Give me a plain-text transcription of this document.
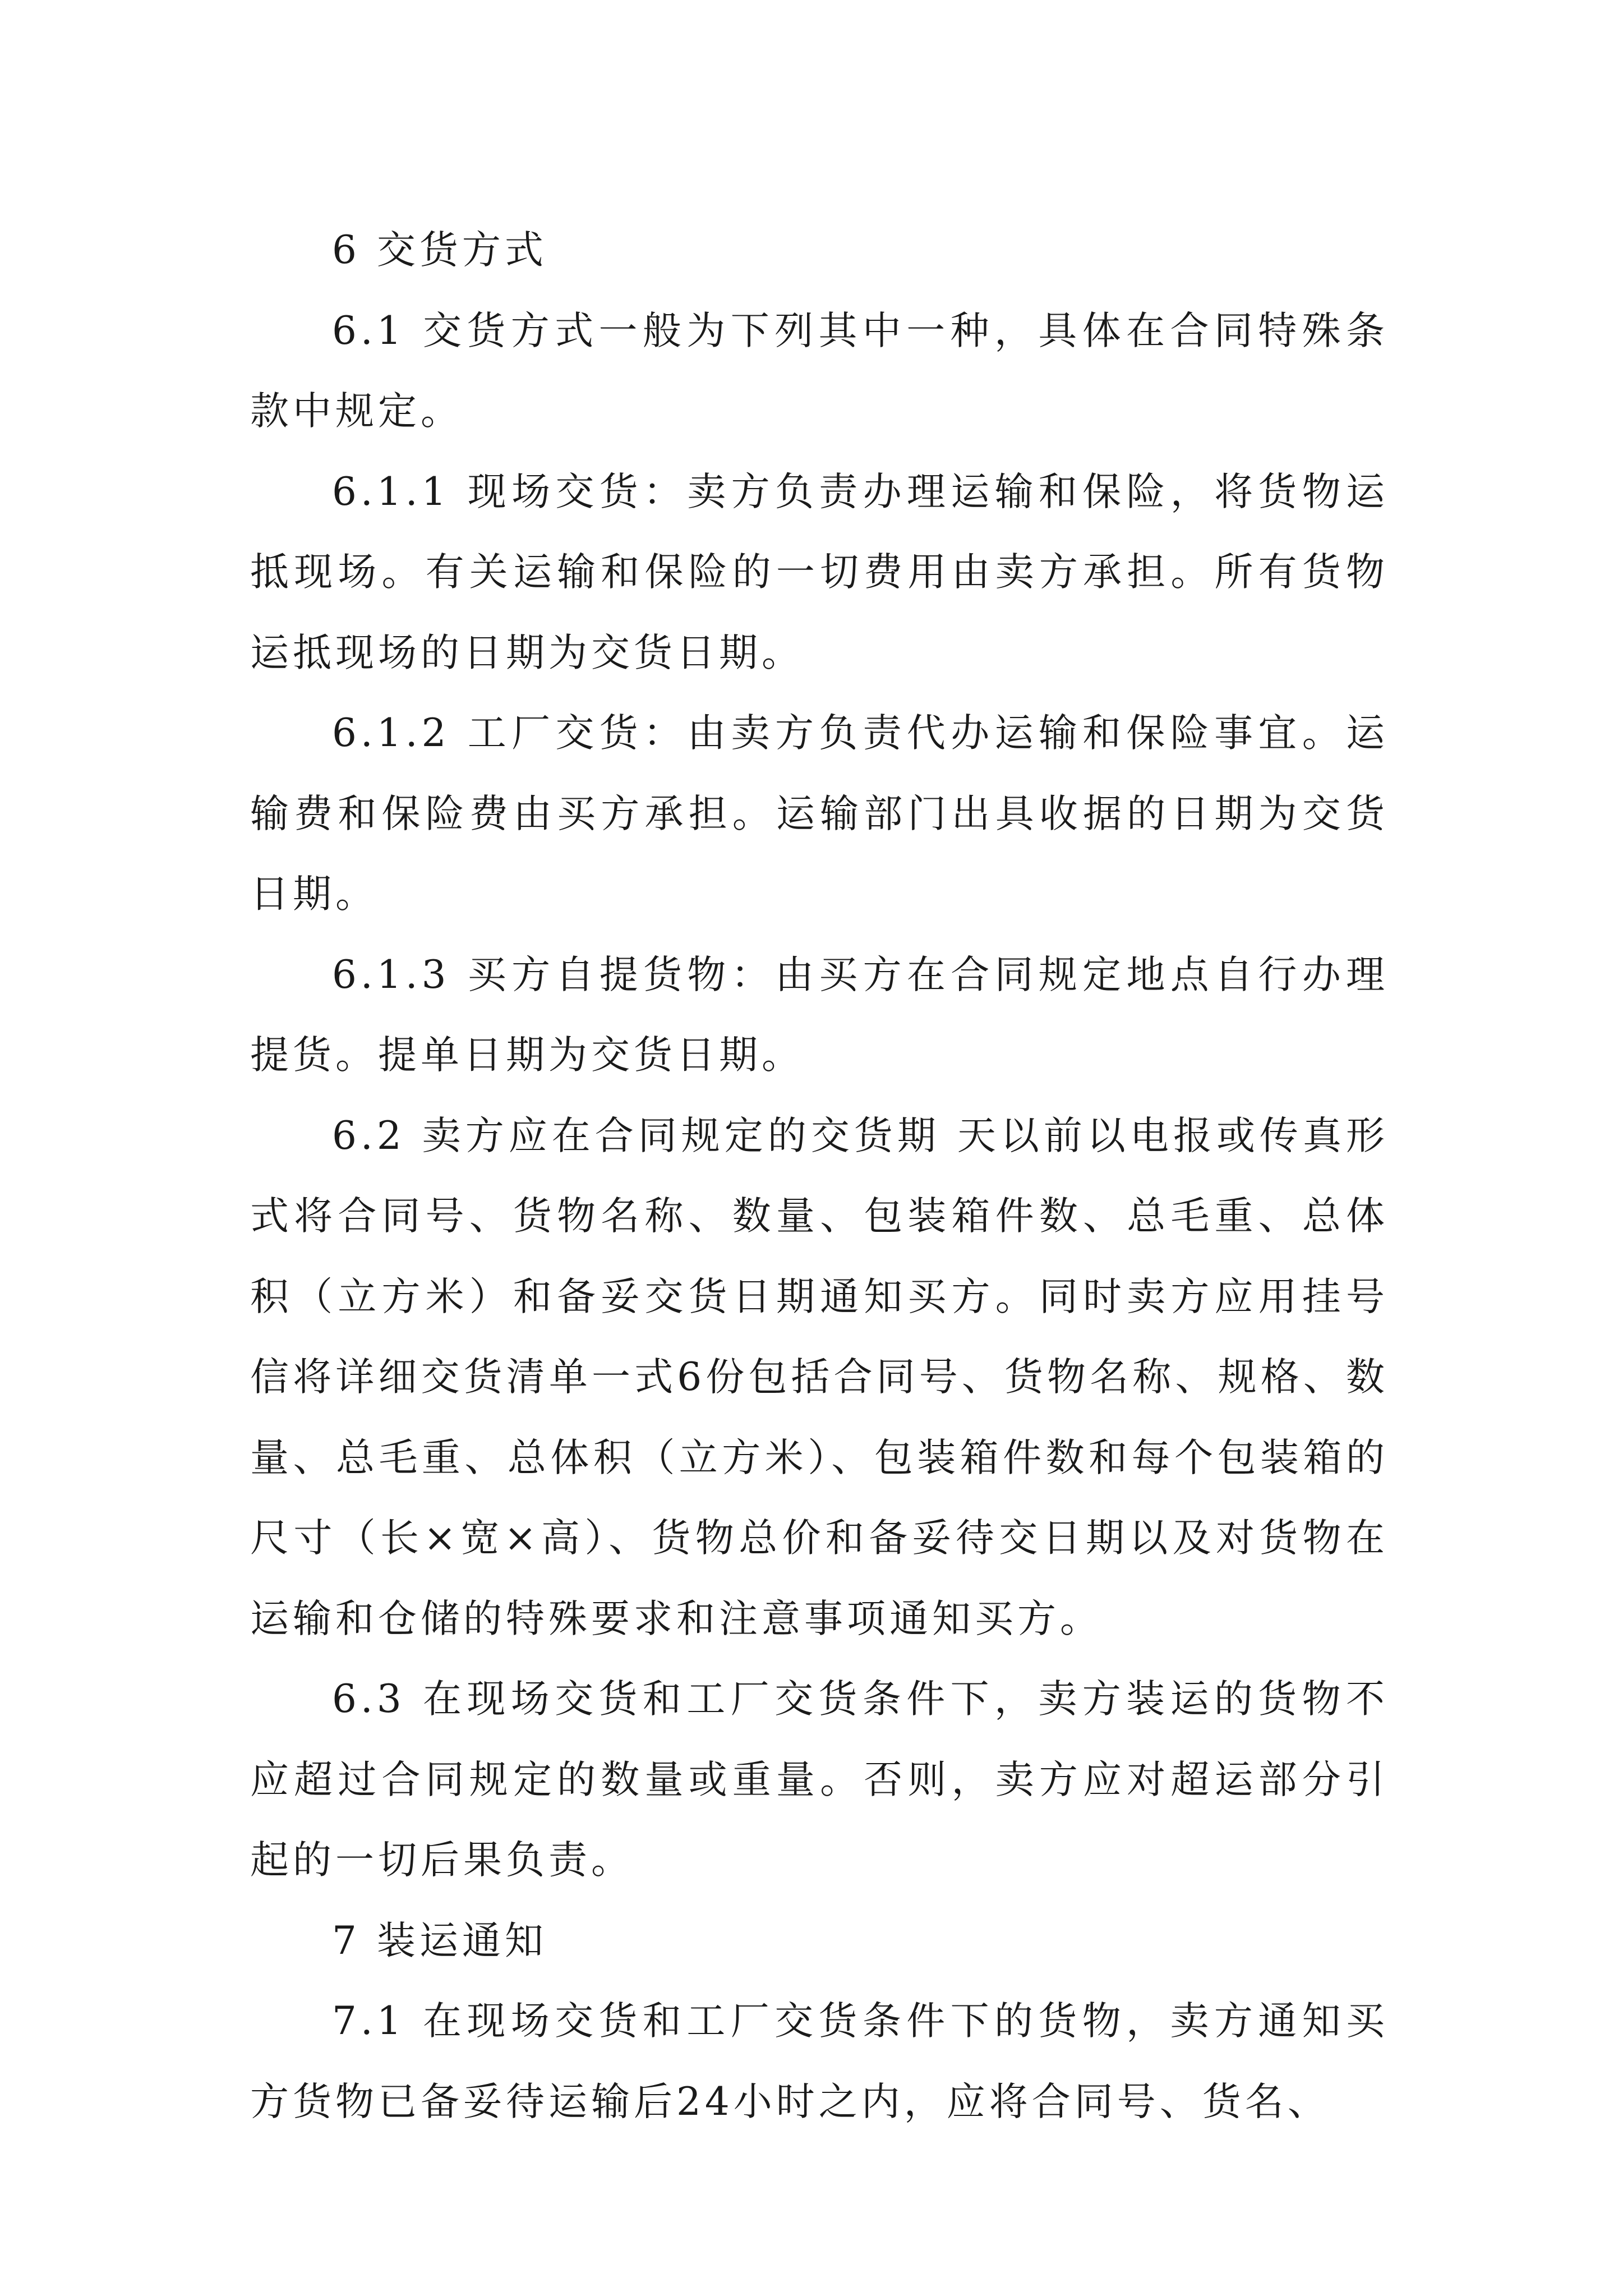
6 交货方式

6.1 交货方式一般为下列其中一种，具体在合同特殊条款中规定。

6.1.1 现场交货：卖方负责办理运输和保险，将货物运抵现场。有关运输和保险的一切费用由卖方承担。所有货物运抵现场的日期为交货日期。

6.1.2 工厂交货：由卖方负责代办运输和保险事宜。运输费和保险费由买方承担。运输部门出具收据的日期为交货日期。

6.1.3 买方自提货物：由买方在合同规定地点自行办理提货。提单日期为交货日期。

6.2 卖方应在合同规定的交货期 天以前以电报或传真形式将合同号、货物名称、数量、包装箱件数、总毛重、总体积（立方米）和备妥交货日期通知买方。同时卖方应用挂号信将详细交货清单一式6份包括合同号、货物名称、规格、数量、总毛重、总体积（立方米）、包装箱件数和每个包装箱的尺寸（长×宽×高）、货物总价和备妥待交日期以及对货物在运输和仓储的特殊要求和注意事项通知买方。

6.3 在现场交货和工厂交货条件下，卖方装运的货物不应超过合同规定的数量或重量。否则，卖方应对超运部分引起的一切后果负责。

7 装运通知

7.1 在现场交货和工厂交货条件下的货物，卖方通知买方货物已备妥待运输后24小时之内，应将合同号、货名、
